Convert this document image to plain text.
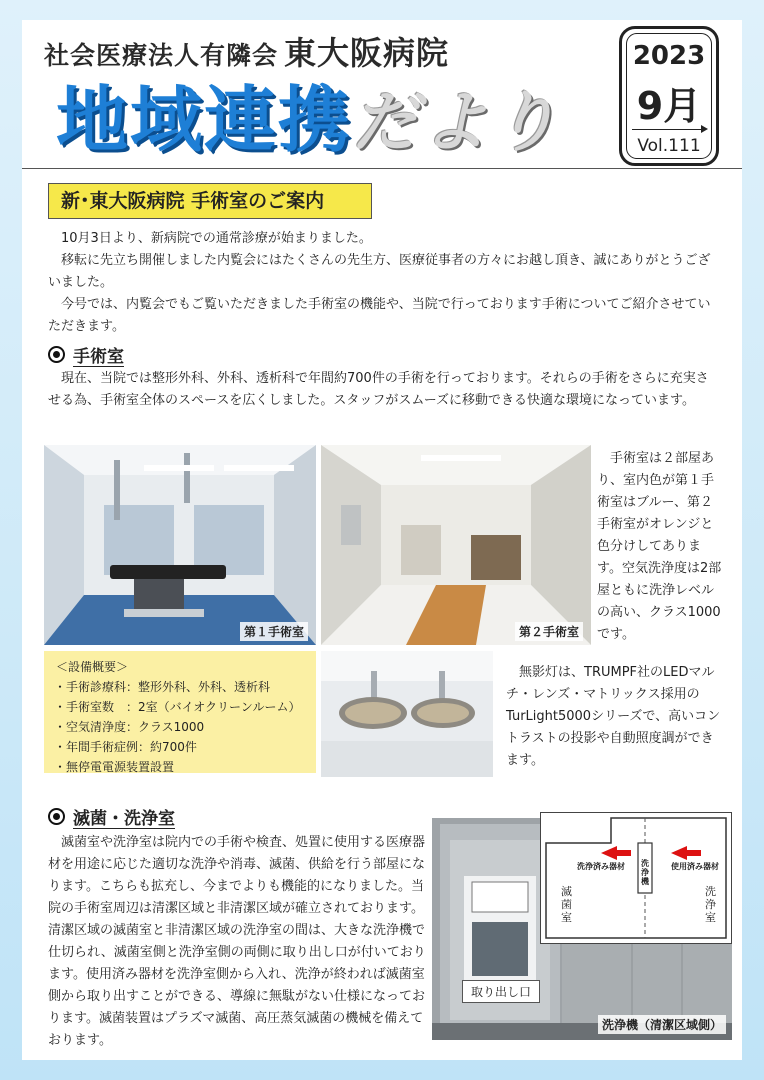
社会医療法人有隣会 東大阪病院
地域連携だより
2023
9月
Vol.111
新･東大阪病院 手術室のご案内

10月3日より、新病院での通常診療が始まりました。

移転に先立ち開催しました内覧会にはたくさんの先生方、医療従事者の方々にお越し頂き、誠にありがとうございました。

今号では、内覧会でもご覧いただきました手術室の機能や、当院で行っております手術についてご紹介させていただきます。

手術室

現在、当院では整形外科、外科、透析科で年間約700件の手術を行っております。それらの手術をさらに充実させる為、手術室全体のスペースを広くしました。スタッフがスムーズに移動できる快適な環境になっています。

第１手術室	第２手術室
手術室は２部屋あり、室内色が第１手術室はブルー、第２手術室がオレンジと色分けしてあります。空気洗浄度は2部屋ともに洗浄レベルの高い、クラス1000です。
＜設備概要＞
・ 手術診療科：整形外科、外科、透析科
・ 手術室数　：2室（バイオクリーンルーム）
・ 空気清浄度：クラス1000
・ 年間手術症例：約700件
・ 無停電電源装置設置
無影灯は、TRUMPF社のLEDマルチ・レンズ・マトリックス採用のTurLight5000シリーズで、高いコントラストの投影や自動照度調ができます。
滅菌・洗浄室

滅菌室や洗浄室は院内での手術や検査、処置に使用する医療器材を用途に応じた適切な洗浄や消毒、滅菌、供給を行う部屋になります。こちらも拡充し、今までよりも機能的になりました。当院の手術室周辺は清潔区域と非清潔区域が確立されております。清潔区域の滅菌室と非清潔区域の洗浄室の間は、大きな洗浄機で仕切られ、滅菌室側と洗浄室側の両側に取り出し口が付いております。使用済み器材を洗浄室側から入れ、洗浄が終われば滅菌室側から取り出すことができる、導線に無駄がない仕様になっております。滅菌装置はプラズマ滅菌、高圧蒸気滅菌の機械を備えております。

洗浄機（清潔区域側）
取り出し口
洗浄機
洗浄済み器材	使用済み器材
滅菌室
洗浄室
